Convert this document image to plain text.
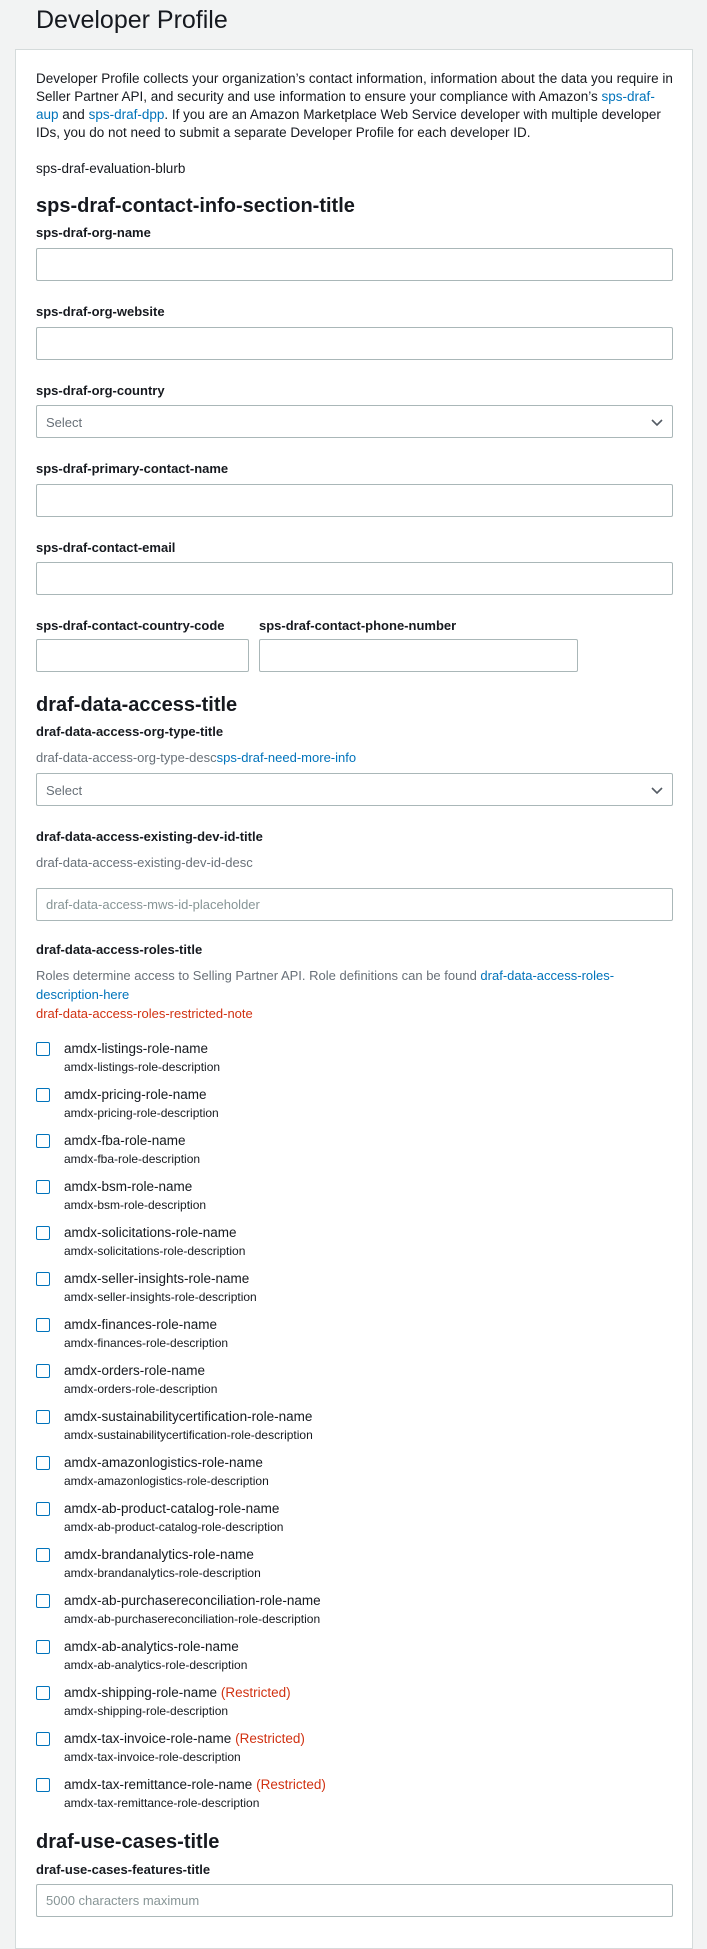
Developer Profile
Developer Profile collects your organization’s contact information, information about the data you require in Seller Partner API, and security and use information to ensure your compliance with Amazon’s sps-draf-aup and sps-draf-dpp. If you are an Amazon Marketplace Web Service developer with multiple developer IDs, you do not need to submit a separate Developer Profile for each developer ID.
sps-draf-evaluation-blurb
sps-draf-contact-info-section-title
sps-draf-org-name
sps-draf-org-website
sps-draf-org-country
Select
sps-draf-primary-contact-name
sps-draf-contact-email
sps-draf-contact-country-code	sps-draf-contact-phone-number
draf-data-access-title
draf-data-access-org-type-title
draf-data-access-org-type-descsps-draf-need-more-info
Select
draf-data-access-existing-dev-id-title
draf-data-access-existing-dev-id-desc
draf-data-access-mws-id-placeholder
draf-data-access-roles-title
Roles determine access to Selling Partner API. Role definitions can be found draf-data-access-roles-description-here
draf-data-access-roles-restricted-note
amdx-listings-role-name
amdx-listings-role-description
amdx-pricing-role-name
amdx-pricing-role-description
amdx-fba-role-name
amdx-fba-role-description
amdx-bsm-role-name
amdx-bsm-role-description
amdx-solicitations-role-name
amdx-solicitations-role-description
amdx-seller-insights-role-name
amdx-seller-insights-role-description
amdx-finances-role-name
amdx-finances-role-description
amdx-orders-role-name
amdx-orders-role-description
amdx-sustainabilitycertification-role-name
amdx-sustainabilitycertification-role-description
amdx-amazonlogistics-role-name
amdx-amazonlogistics-role-description
amdx-ab-product-catalog-role-name
amdx-ab-product-catalog-role-description
amdx-brandanalytics-role-name
amdx-brandanalytics-role-description
amdx-ab-purchasereconciliation-role-name
amdx-ab-purchasereconciliation-role-description
amdx-ab-analytics-role-name
amdx-ab-analytics-role-description
amdx-shipping-role-name (Restricted)
amdx-shipping-role-description
amdx-tax-invoice-role-name (Restricted)
amdx-tax-invoice-role-description
amdx-tax-remittance-role-name (Restricted)
amdx-tax-remittance-role-description
draf-use-cases-title
draf-use-cases-features-title
5000 characters maximum
